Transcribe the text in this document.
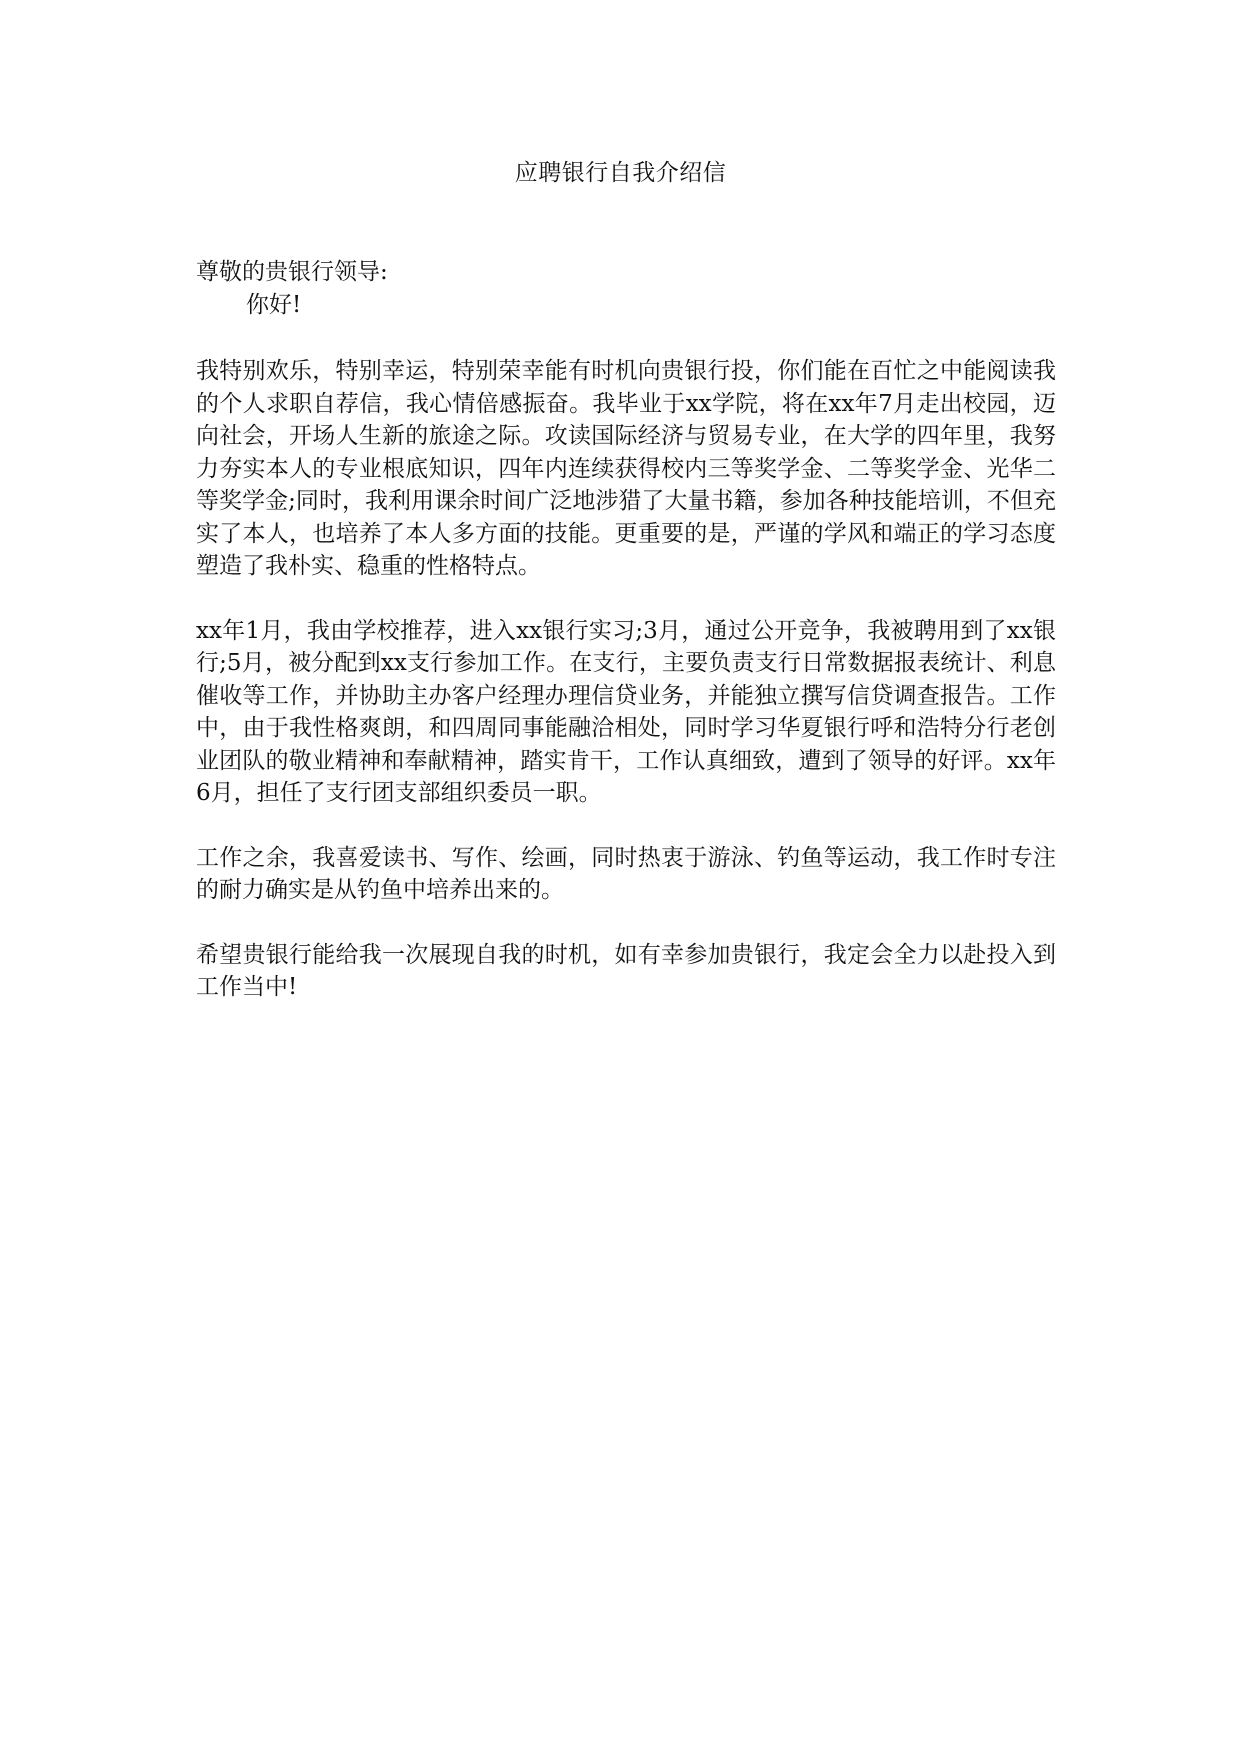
应聘银行自我介绍信

尊敬的贵银行领导:

你好!

我特别欢乐，特别幸运，特别荣幸能有时机向贵银行投，你们能在百忙之中能阅读我的个人求职自荐信，我心情倍感振奋。我毕业于xx学院，将在xx年7月走出校园，迈向社会，开场人生新的旅途之际。攻读国际经济与贸易专业，在大学的四年里，我努力夯实本人的专业根底知识，四年内连续获得校内三等奖学金、二等奖学金、光华二等奖学金;同时，我利用课余时间广泛地涉猎了大量书籍，参加各种技能培训，不但充实了本人，也培养了本人多方面的技能。更重要的是，严谨的学风和端正的学习态度塑造了我朴实、稳重的性格特点。

xx年1月，我由学校推荐，进入xx银行实习;3月，通过公开竞争，我被聘用到了xx银行;5月，被分配到xx支行参加工作。在支行，主要负责支行日常数据报表统计、利息催收等工作，并协助主办客户经理办理信贷业务，并能独立撰写信贷调查报告。工作中，由于我性格爽朗，和四周同事能融洽相处，同时学习华夏银行呼和浩特分行老创业团队的敬业精神和奉献精神，踏实肯干，工作认真细致，遭到了领导的好评。xx年6月，担任了支行团支部组织委员一职。

工作之余，我喜爱读书、写作、绘画，同时热衷于游泳、钓鱼等运动，我工作时专注的耐力确实是从钓鱼中培养出来的。

希望贵银行能给我一次展现自我的时机，如有幸参加贵银行，我定会全力以赴投入到工作当中!
